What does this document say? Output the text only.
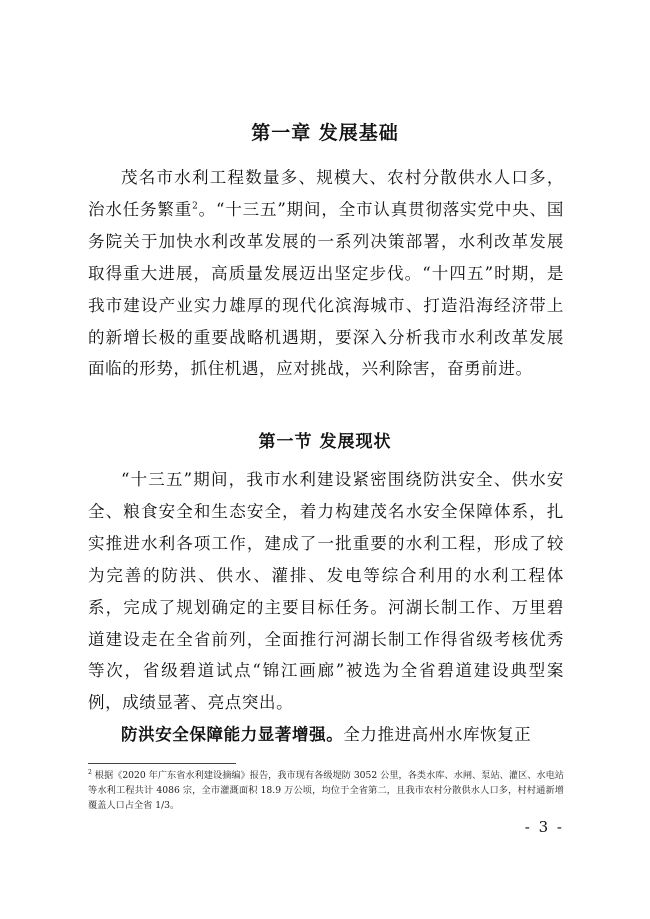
第一章 发展基础

茂名市水利工程数量多、规模大、农村分散供水人口多，治水任务繁重$^2$。“十三五”期间，全市认真贯彻落实党中央、国务院关于加快水利改革发展的一系列决策部署，水利改革发展取得重大进展，高质量发展迈出坚定步伐。“十四五”时期，是我市建设产业实力雄厚的现代化滨海城市、打造沿海经济带上的新增长极的重要战略机遇期，要深入分析我市水利改革发展面临的形势，抓住机遇，应对挑战，兴利除害，奋勇前进。

第一节 发展现状

“十三五”期间，我市水利建设紧密围绕防洪安全、供水安全、粮食安全和生态安全，着力构建茂名水安全保障体系，扎实推进水利各项工作，建成了一批重要的水利工程，形成了较为完善的防洪、供水、灌排、发电等综合利用的水利工程体系，完成了规划确定的主要目标任务。河湖长制工作、万里碧道建设走在全省前列，全面推行河湖长制工作得省级考核优秀等次，省级碧道试点“锦江画廊”被选为全省碧道建设典型案例，成绩显著、亮点突出。

防洪安全保障能力显著增强。全力推进高州水库恢复正

$^2$ 根据《2020 年广东省水利建设摘编》报告，我市现有各级堤防 3052 公里，各类水库、水闸、泵站、灌区、水电站等水利工程共计 4086 宗，全市灌溉面积 18.9 万公顷，均位于全省第二，且我市农村分散供水人口多，村村通新增覆盖人口占全省 1/3。

- 3 -
